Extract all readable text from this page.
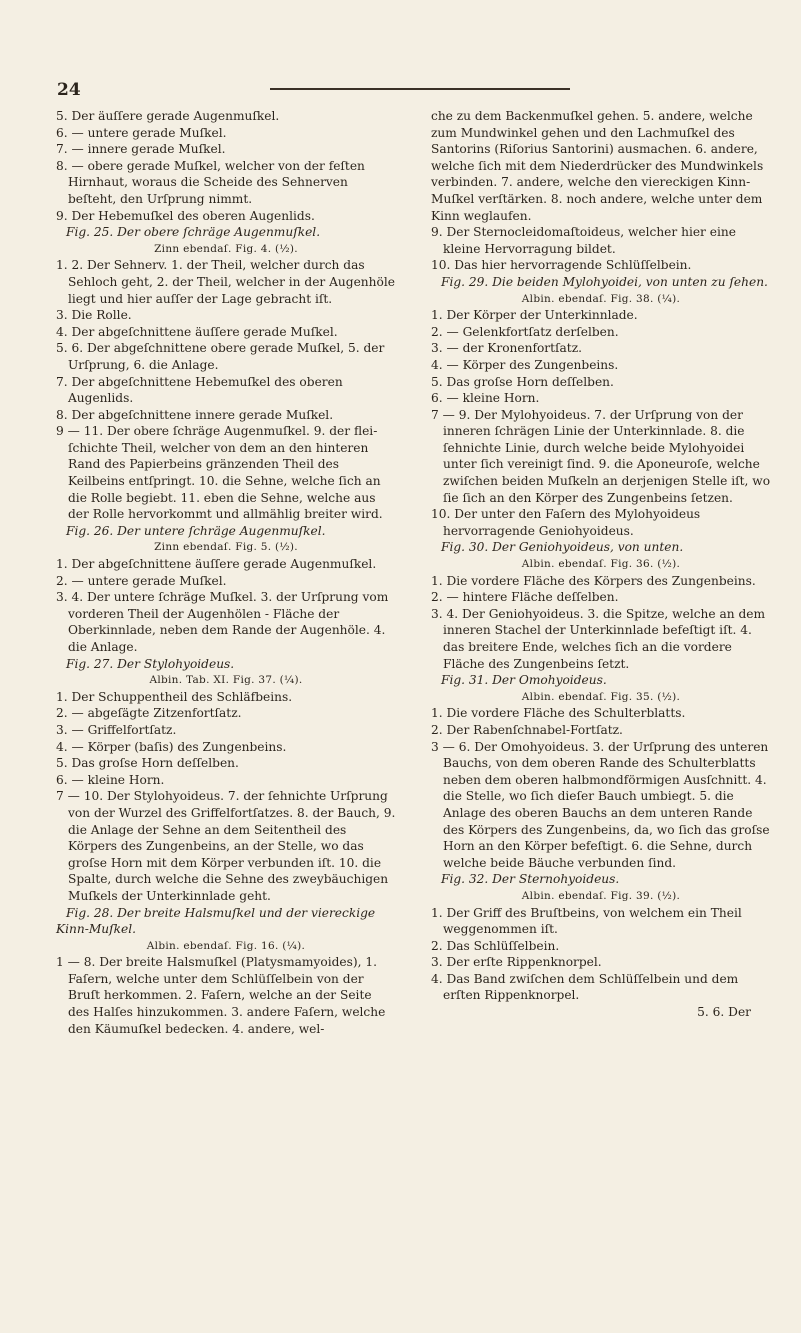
24

5. Der äuſſere gerade Augenmuſkel.

6. — untere gerade Muſkel.

7. — innere gerade Muſkel.

8. — obere gerade Muſkel, welcher von der feſten Hirnhaut, woraus die Scheide des Sehnerven beſteht, den Urſprung nimmt.

9. Der Hebemuſkel des oberen Augenlids.

Fig. 25. Der obere ſchräge Augenmuſkel.

Zinn ebendaſ. Fig. 4. (½).

1. 2. Der Sehnerv. 1. der Theil, welcher durch das Sehloch geht, 2. der Theil, welcher in der Augenhöle liegt und hier auſſer der Lage gebracht iſt.

3. Die Rolle.

4. Der abgeſchnittene äuſſere gerade Muſkel.

5. 6. Der abgeſchnittene obere gerade Muſkel, 5. der Urſprung, 6. die Anlage.

7. Der abgeſchnittene Hebemuſkel des oberen Augenlids.

8. Der abgeſchnittene innere gerade Muſkel.

9 — 11. Der obere ſchräge Augenmuſkel. 9. der flei-ſchichte Theil, welcher von dem an den hinteren Rand des Papierbeins gränzenden Theil des Keilbeins entſpringt. 10. die Sehne, welche ſich an die Rolle begiebt. 11. eben die Sehne, welche aus der Rolle hervorkommt und allmählig breiter wird.

Fig. 26. Der untere ſchräge Augenmuſkel.

Zinn ebendaſ. Fig. 5. (½).

1. Der abgeſchnittene äuſſere gerade Augenmuſkel.

2. — untere gerade Muſkel.

3. 4. Der untere ſchräge Muſkel. 3. der Urſprung vom vorderen Theil der Augenhölen - Fläche der Oberkinnlade, neben dem Rande der Augenhöle. 4. die Anlage.

Fig. 27. Der Stylohyoideus.

Albin. Tab. XI. Fig. 37. (¼).

1. Der Schuppentheil des Schläfbeins.

2. — abgeſägte Zitzenfortſatz.

3. — Griffelfortſatz.

4. — Körper (baſis) des Zungenbeins.

5. Das groſse Horn deſſelben.

6. — kleine Horn.

7 — 10. Der Stylohyoideus. 7. der ſehnichte Urſprung von der Wurzel des Griffelfortſatzes. 8. der Bauch, 9. die Anlage der Sehne an dem Seitentheil des Körpers des Zungenbeins, an der Stelle, wo das groſse Horn mit dem Körper verbunden iſt. 10. die Spalte, durch welche die Sehne des zweybäuchigen Muſkels der Unterkinnlade geht.

Fig. 28. Der breite Halsmuſkel und der viereckige Kinn-Muſkel.

Albin. ebendaſ. Fig. 16. (¼).

1 — 8. Der breite Halsmuſkel (Platysmamyoides), 1. Faſern, welche unter dem Schlüſſelbein von der Bruſt herkommen. 2. Faſern, welche an der Seite des Halſes hinzukommen. 3. andere Faſern, welche den Käumuſkel bedecken. 4. andere, wel-

che zu dem Backenmuſkel gehen. 5. andere, welche zum Mundwinkel gehen und den Lachmuſkel des Santorins (Riſorius Santorini) ausmachen. 6. andere, welche ſich mit dem Niederdrücker des Mundwinkels verbinden. 7. andere, welche den viereckigen Kinn-Muſkel verſtärken. 8. noch andere, welche unter dem Kinn weglaufen.

9. Der Sternocleidomaſtoideus, welcher hier eine kleine Hervorragung bildet.

10. Das hier hervorragende Schlüſſelbein.

Fig. 29. Die beiden Mylohyoidei, von unten zu ſehen.

Albin. ebendaſ. Fig. 38. (¼).

1. Der Körper der Unterkinnlade.

2. — Gelenkfortſatz derſelben.

3. — der Kronenfortſatz.

4. — Körper des Zungenbeins.

5. Das groſse Horn deſſelben.

6. — kleine Horn.

7 — 9. Der Mylohyoideus. 7. der Urſprung von der inneren ſchrägen Linie der Unterkinnlade. 8. die ſehnichte Linie, durch welche beide Mylohyoidei unter ſich vereinigt ſind. 9. die Aponeuroſe, welche zwiſchen beiden Muſkeln an derjenigen Stelle iſt, wo ſie ſich an den Körper des Zungenbeins ſetzen.

10. Der unter den Faſern des Mylohyoideus hervorragende Geniohyoideus.

Fig. 30. Der Geniohyoideus, von unten.

Albin. ebendaſ. Fig. 36. (½).

1. Die vordere Fläche des Körpers des Zungenbeins.

2. — hintere Fläche deſſelben.

3. 4. Der Geniohyoideus. 3. die Spitze, welche an dem inneren Stachel der Unterkinnlade befeſtigt iſt. 4. das breitere Ende, welches ſich an die vordere Fläche des Zungenbeins ſetzt.

Fig. 31. Der Omohyoideus.

Albin. ebendaſ. Fig. 35. (½).

1. Die vordere Fläche des Schulterblatts.

2. Der Rabenſchnabel-Fortſatz.

3 — 6. Der Omohyoideus. 3. der Urſprung des unteren Bauchs, von dem oberen Rande des Schulterblatts neben dem oberen halbmondförmigen Ausſchnitt. 4. die Stelle, wo ſich dieſer Bauch umbiegt. 5. die Anlage des oberen Bauchs an dem unteren Rande des Körpers des Zungenbeins, da, wo ſich das groſse Horn an den Körper befeſtigt. 6. die Sehne, durch welche beide Bäuche verbunden ſind.

Fig. 32. Der Sternohyoideus.

Albin. ebendaſ. Fig. 39. (½).

1. Der Griff des Bruſtbeins, von welchem ein Theil weggenommen iſt.

2. Das Schlüſſelbein.

3. Der erſte Rippenknorpel.

4. Das Band zwiſchen dem Schlüſſelbein und dem erſten Rippenknorpel.

5. 6. Der
